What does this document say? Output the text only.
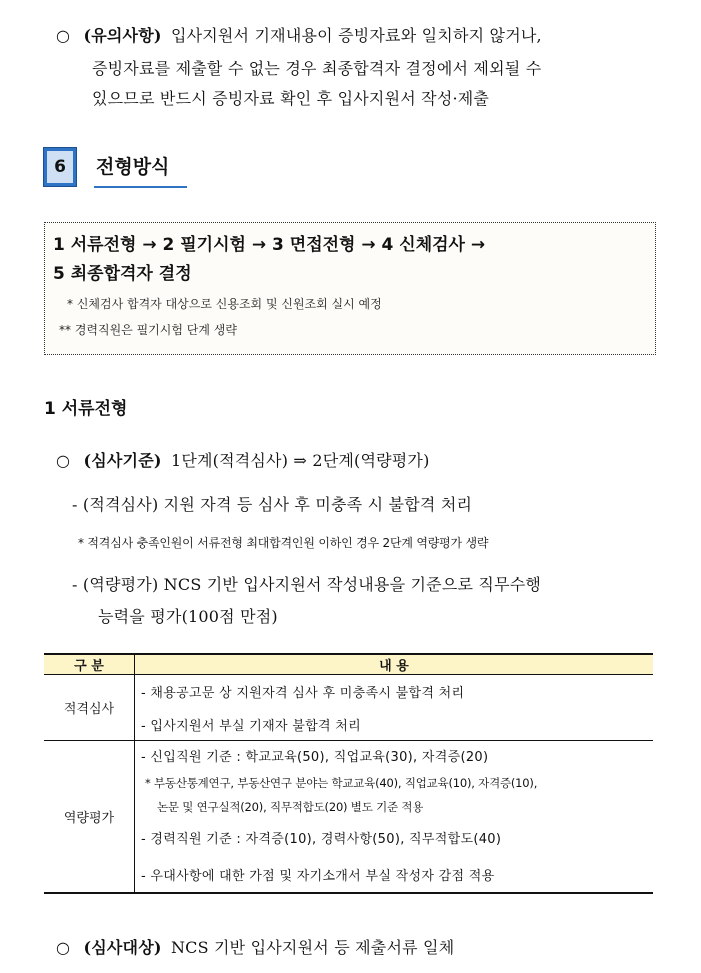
○ (유의사항) 입사지원서 기재내용이 증빙자료와 일치하지 않거나,
증빙자료를 제출할 수 없는 경우 최종합격자 결정에서 제외될 수
있으므로 반드시 증빙자료 확인 후 입사지원서 작성·제출
6	전형방식
1 서류전형 → 2 필기시험 → 3 면접전형 → 4 신체검사 →
5 최종합격자 결정
* 신체검사 합격자 대상으로 신용조회 및 신원조회 실시 예정
** 경력직원은 필기시험 단계 생략
1 서류전형
○ (심사기준) 1단계(적격심사) ⇒ 2단계(역량평가)
- (적격심사) 지원 자격 등 심사 후 미충족 시 불합격 처리
* 적격심사 충족인원이 서류전형 최대합격인원 이하인 경우 2단계 역량평가 생략
- (역량평가) NCS 기반 입사지원서 작성내용을 기준으로 직무수행
능력을 평가(100점 만점)
구 분	내 용
적격심사	- 채용공고문 상 지원자격 심사 후 미충족시 불합격 처리
	- 입사지원서 부실 기재자 불합격 처리
역량평가	- 신입직원 기준 : 학교교육(50), 직업교육(30), 자격증(20)
	* 부동산통계연구, 부동산연구 분야는 학교교육(40), 직업교육(10), 자격증(10),
	논문 및 연구실적(20), 직무적합도(20) 별도 기준 적용
	- 경력직원 기준 : 자격증(10), 경력사항(50), 직무적합도(40)
	- 우대사항에 대한 가점 및 자기소개서 부실 작성자 감점 적용
○ (심사대상) NCS 기반 입사지원서 등 제출서류 일체
